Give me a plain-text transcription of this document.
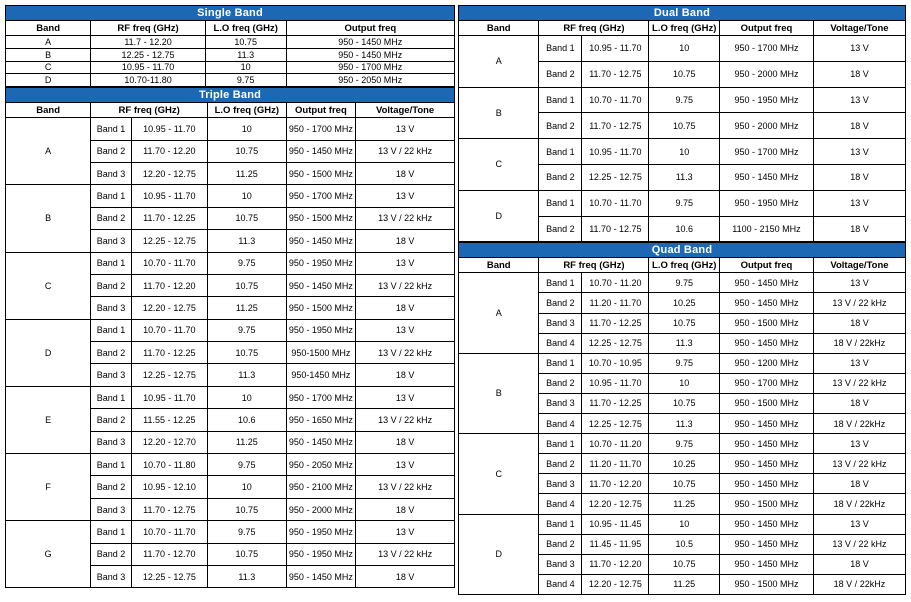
Single Band
Band	RF freq (GHz)	L.O freq (GHz)	Output freq
A	11.7 - 12.20	10.75	950 - 1450 MHz
B	12.25 - 12.75	11.3	950 - 1450 MHz
C	10.95 - 11.70	10	950 - 1700 MHz
D	10.70-11.80	9.75	950 - 2050 MHz
Triple Band
Band	RF freq (GHz)		L.O freq (GHz)	Output freq	Voltage/Tone
A	Band 1	10.95 - 11.70	10	950 - 1700 MHz	13 V
	Band 2	11.70 - 12.20	10.75	950 - 1450 MHz	13 V / 22 kHz
	Band 3	12.20 - 12.75	11.25	950 - 1500 MHz	18 V
B	Band 1	10.95 - 11.70	10	950 - 1700 MHz	13 V
	Band 2	11.70 - 12.25	10.75	950 - 1500 MHz	13 V / 22 kHz
	Band 3	12.25 - 12.75	11.3	950 - 1450 MHz	18 V
C	Band 1	10.70 - 11.70	9.75	950 - 1950 MHz	13 V
	Band 2	11.70 - 12.20	10.75	950 - 1450 MHz	13 V / 22 kHz
	Band 3	12.20 - 12.75	11.25	950 - 1500 MHz	18 V
D	Band 1	10.70 - 11.70	9.75	950 - 1950 MHz	13 V
	Band 2	11.70 - 12.25	10.75	950-1500 MHz	13 V / 22 kHz
	Band 3	12.25 - 12.75	11.3	950-1450 MHz	18 V
E	Band 1	10.95 - 11.70	10	950 - 1700 MHz	13 V
	Band 2	11.55 - 12.25	10.6	950 - 1650 MHz	13 V / 22 kHz
	Band 3	12.20 - 12.70	11.25	950 - 1450 MHz	18 V
F	Band 1	10.70 - 11.80	9.75	950 - 2050 MHz	13 V
	Band 2	10.95 - 12.10	10	950 - 2100 MHz	13 V / 22 kHz
	Band 3	11.70 - 12.75	10.75	950 - 2000 MHz	18 V
G	Band 1	10.70 - 11.70	9.75	950 - 1950 MHz	13 V
	Band 2	11.70 - 12.70	10.75	950 - 1950 MHz	13 V / 22 kHz
	Band 3	12.25 - 12.75	11.3	950 - 1450 MHz	18 V
Dual Band
Band	RF freq (GHz)		L.O freq (GHz)	Output freq	Voltage/Tone
A	Band 1	10.95 - 11.70	10	950 - 1700 MHz	13 V
	Band 2	11.70 - 12.75	10.75	950 - 2000 MHz	18 V
B	Band 1	10.70 - 11.70	9.75	950 - 1950 MHz	13 V
	Band 2	11.70 - 12.75	10.75	950 - 2000 MHz	18 V
C	Band 1	10.95 - 11.70	10	950 - 1700 MHz	13 V
	Band 2	12.25 - 12.75	11.3	950 - 1450 MHz	18 V
D	Band 1	10.70 - 11.70	9.75	950 - 1950 MHz	13 V
	Band 2	11.70 - 12.75	10.6	1100 - 2150 MHz	18 V
Quad Band
Band	RF freq (GHz)		L.O freq (GHz)	Output freq	Voltage/Tone
A	Band 1	10.70 - 11.20	9.75	950 - 1450 MHz	13 V
	Band 2	11.20 - 11.70	10.25	950 - 1450 MHz	13 V / 22 kHz
	Band 3	11.70 - 12.25	10.75	950 - 1500 MHz	18 V
	Band 4	12.25 - 12.75	11.3	950 - 1450 MHz	18 V / 22kHz
B	Band 1	10.70 - 10.95	9.75	950 - 1200 MHz	13 V
	Band 2	10.95 - 11.70	10	950 - 1700 MHz	13 V / 22 kHz
	Band 3	11.70 - 12.25	10.75	950 - 1500 MHz	18 V
	Band 4	12.25 - 12.75	11.3	950 - 1450 MHz	18 V / 22kHz
C	Band 1	10.70 - 11.20	9.75	950 - 1450 MHz	13 V
	Band 2	11.20 - 11.70	10.25	950 - 1450 MHz	13 V / 22 kHz
	Band 3	11.70 - 12.20	10.75	950 - 1450 MHz	18 V
	Band 4	12.20 - 12.75	11.25	950 - 1500 MHz	18 V / 22kHz
D	Band 1	10.95 - 11.45	10	950 - 1450 MHz	13 V
	Band 2	11.45 - 11.95	10.5	950 - 1450 MHz	13 V / 22 kHz
	Band 3	11.70 - 12.20	10.75	950 - 1450 MHz	18 V
	Band 4	12.20 - 12.75	11.25	950 - 1500 MHz	18 V / 22kHz
